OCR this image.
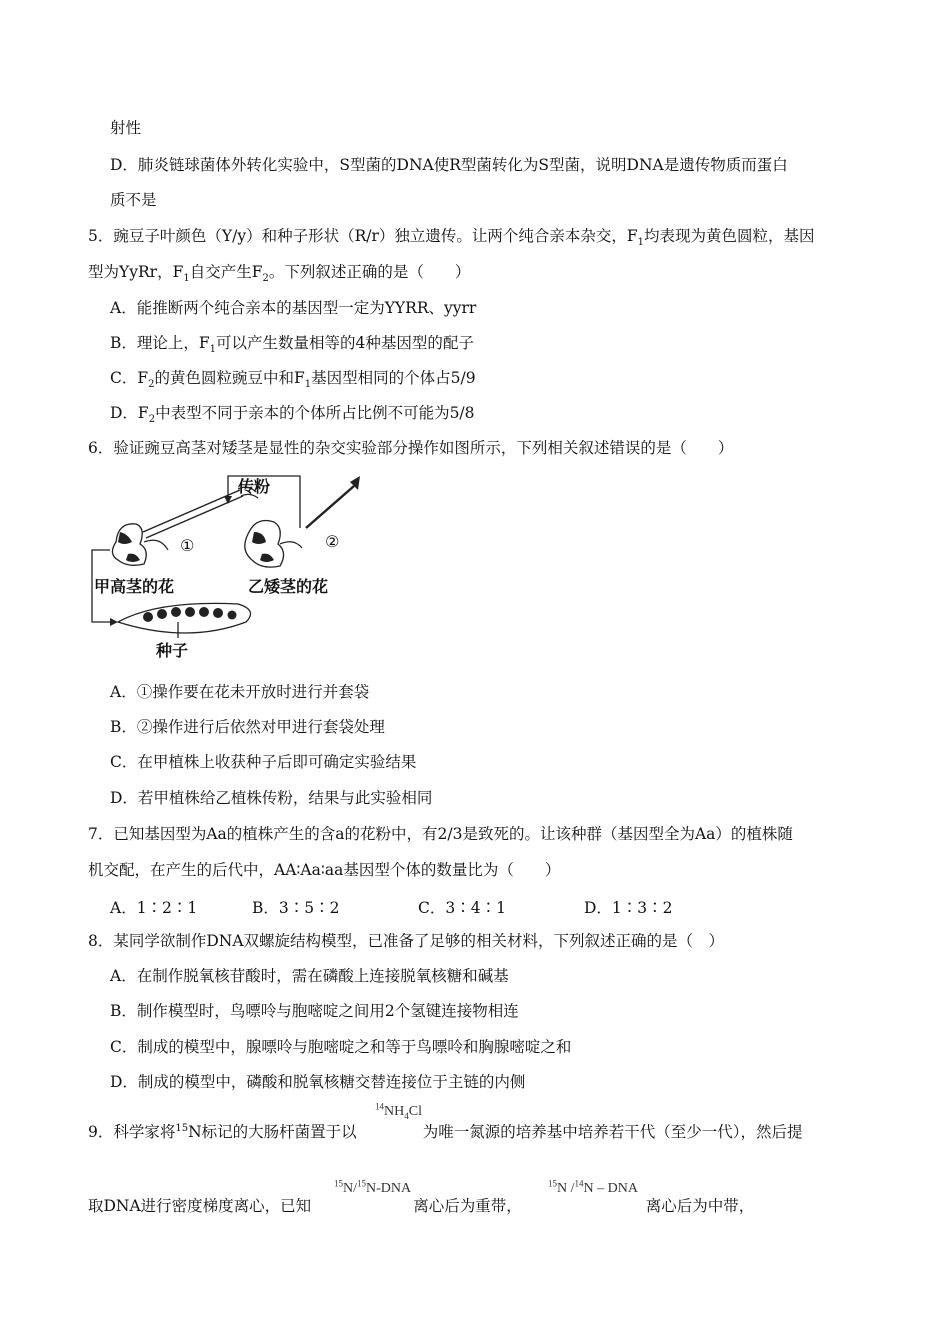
射性
D．肺炎链球菌体外转化实验中，S型菌的DNA使R型菌转化为S型菌，说明DNA是遗传物质而蛋白
质不是
5．豌豆子叶颜色（Y/y）和种子形状（R/r）独立遗传。让两个纯合亲本杂交，$F_1$均表现为黄色圆粒，基因
型为YyRr，$F_1$自交产生$F_2$。下列叙述正确的是（　　）
A．能推断两个纯合亲本的基因型一定为YYRR、yyrr
B．理论上，$F_1$可以产生数量相等的4种基因型的配子
C．$F_2$的黄色圆粒豌豆中和$F_1$基因型相同的个体占5/9
D．$F_2$中表型不同于亲本的个体所占比例不可能为5/8
6．验证豌豆高茎对矮茎是显性的杂交实验部分操作如图所示，下列相关叙述错误的是（　　）
传粉
①	②
甲高茎的花	乙矮茎的花
种子
A．①操作要在花未开放时进行并套袋
B．②操作进行后依然对甲进行套袋处理
C．在甲植株上收获种子后即可确定实验结果
D．若甲植株给乙植株传粉，结果与此实验相同
7．已知基因型为Aa的植株产生的含a的花粉中，有2/3是致死的。让该种群（基因型全为Aa）的植株随
机交配，在产生的后代中，AA∶Aa∶aa基因型个体的数量比为（　　）
A．1∶2∶1	B．3∶5∶2	C．3∶4∶1	D．1∶3∶2
8．某同学欲制作DNA双螺旋结构模型，已准备了足够的相关材料，下列叙述正确的是（　）
A．在制作脱氧核苷酸时，需在磷酸上连接脱氧核糖和碱基
B．制作模型时，鸟嘌呤与胞嘧啶之间用2个氢键连接物相连
C．制成的模型中，腺嘌呤与胞嘧啶之和等于鸟嘌呤和胸腺嘧啶之和
D．制成的模型中，磷酸和脱氧核糖交替连接位于主链的内侧
9．科学家将$^{15}$N标记的大肠杆菌置于以	为唯一氮源的培养基中培养若干代（至少一代），然后提
$^{14}NH_4Cl$
取DNA进行密度梯度离心，已知	离心后为重带，	离心后为中带，
$^{15}$N/$^{15}$N-DNA	$^{15}$N /$^{14}$N – DNA
